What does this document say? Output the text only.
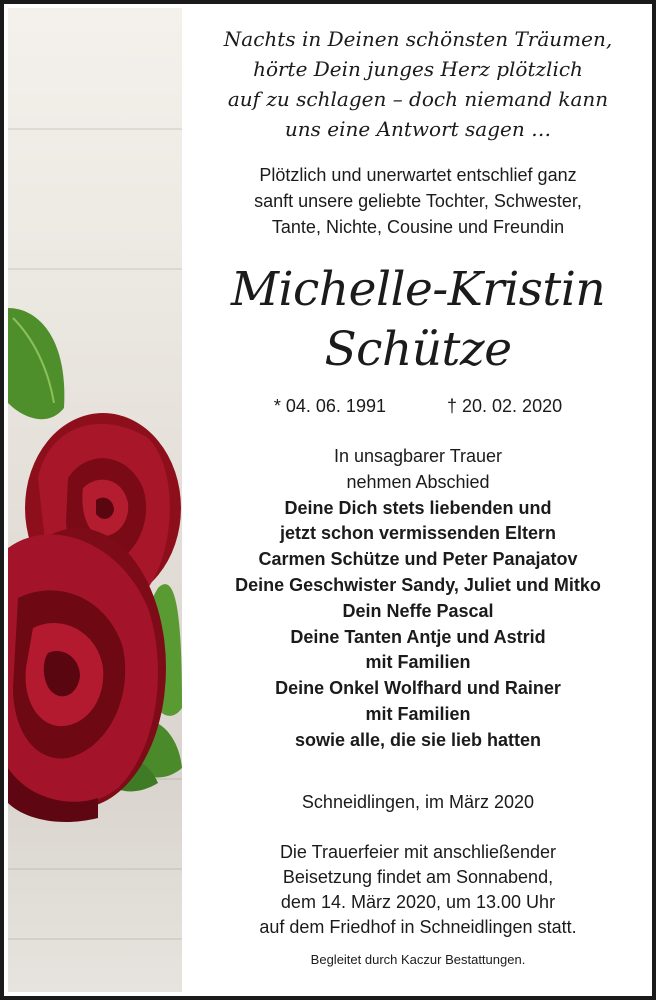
Nachts in Deinen schönsten Träumen,
hörte Dein junges Herz plötzlich
auf zu schlagen – doch niemand kann
uns eine Antwort sagen …
Plötzlich und unerwartet entschlief ganz
sanft unsere geliebte Tochter, Schwester,
Tante, Nichte, Cousine und Freundin
Michelle-Kristin
Schütze
* 04. 06. 1991	† 20. 02. 2020
In unsagbarer Trauer
nehmen Abschied
Deine Dich stets liebenden und
jetzt schon vermissenden Eltern
Carmen Schütze und Peter Panajatov
Deine Geschwister Sandy, Juliet und Mitko
Dein Neffe Pascal
Deine Tanten Antje und Astrid
mit Familien
Deine Onkel Wolfhard und Rainer
mit Familien
sowie alle, die sie lieb hatten
Schneidlingen, im März 2020
Die Trauerfeier mit anschließender
Beisetzung findet am Sonnabend,
dem 14. März 2020, um 13.00 Uhr
auf dem Friedhof in Schneidlingen statt.
Begleitet durch Kaczur Bestattungen.
